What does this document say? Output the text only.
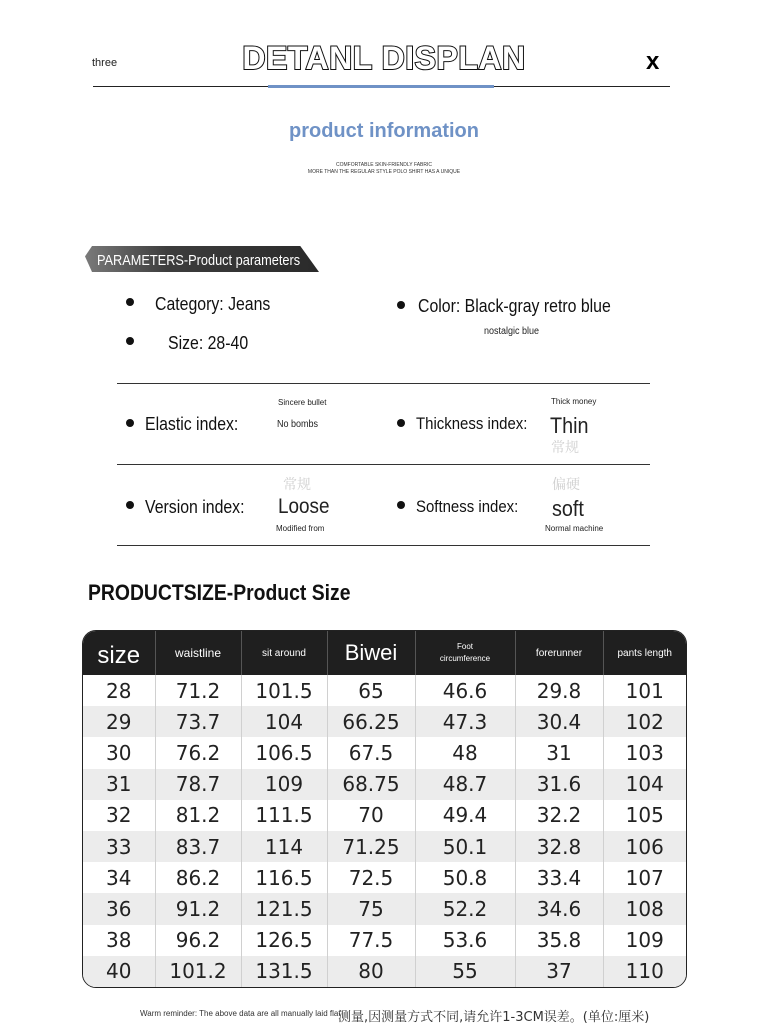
three	DETANL DISPLAN	x
product information
COMFORTABLE SKIN-FRIENDLY FABRIC
MORE THAN THE REGULAR STYLE POLO SHIRT HAS A UNIQUE
PARAMETERS-Product parameters
Category: Jeans
Size: 28-40
Color: Black-gray retro blue
nostalgic blue
Elastic index:
Sincere bullet
No bombs	Thickness index:
Thick money
Thin
常规
Version index:
常规
Loose
Modified from
Softness index:
偏硬
soft
Normal machine
PRODUCTSIZE-Product Size
size	waistline	sit around	Biwei	Foot
circumference	forerunner	pants length
28	71.2	101.5	65	46.6	29.8	101
29	73.7	104	66.25	47.3	30.4	102
30	76.2	106.5	67.5	48	31	103
31	78.7	109	68.75	48.7	31.6	104
32	81.2	111.5	70	49.4	32.2	105
33	83.7	114	71.25	50.1	32.8	106
34	86.2	116.5	72.5	50.8	33.4	107
36	91.2	121.5	75	52.2	34.6	108
38	96.2	126.5	77.5	53.6	35.8	109
40	101.2	131.5	80	55	37	110
Warm reminder: The above data are all manually laid flat
测量,因测量方式不同,请允许1-3CM误差。(单位:厘米)
